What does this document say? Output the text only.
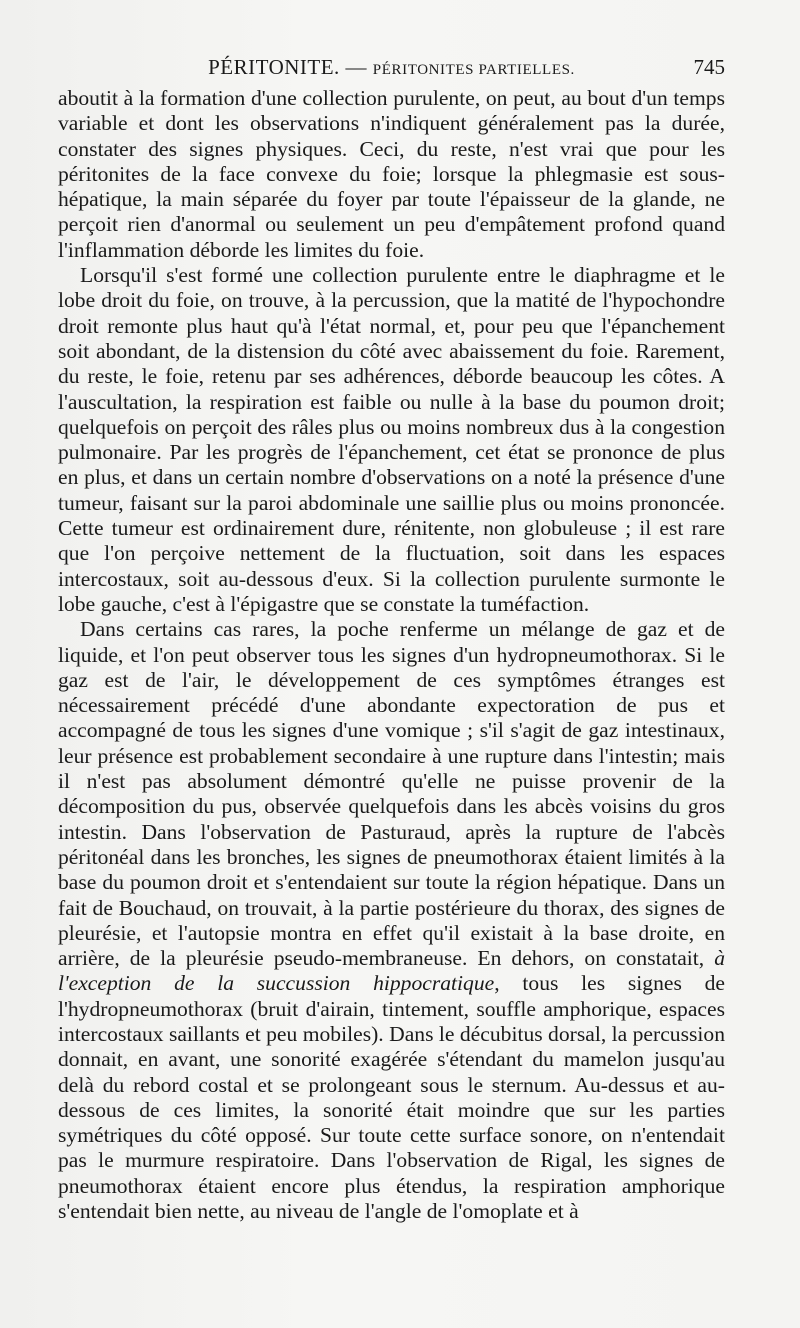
PÉRITONITE. — PÉRITONITES PARTIELLES.	745

aboutit à la formation d'une collection purulente, on peut, au bout d'un temps variable et dont les observations n'indiquent généralement pas la durée, constater des signes physiques. Ceci, du reste, n'est vrai que pour les péritonites de la face convexe du foie; lorsque la phlegmasie est sous-hépatique, la main séparée du foyer par toute l'épaisseur de la glande, ne perçoit rien d'anormal ou seulement un peu d'empâtement profond quand l'inflammation déborde les limites du foie.

Lorsqu'il s'est formé une collection purulente entre le diaphragme et le lobe droit du foie, on trouve, à la percussion, que la matité de l'hypochondre droit remonte plus haut qu'à l'état normal, et, pour peu que l'épanchement soit abondant, de la distension du côté avec abaissement du foie. Rarement, du reste, le foie, retenu par ses adhérences, déborde beaucoup les côtes. A l'auscultation, la respiration est faible ou nulle à la base du poumon droit; quelquefois on perçoit des râles plus ou moins nombreux dus à la congestion pulmonaire. Par les progrès de l'épanchement, cet état se prononce de plus en plus, et dans un certain nombre d'observations on a noté la présence d'une tumeur, faisant sur la paroi abdominale une saillie plus ou moins prononcée. Cette tumeur est ordinairement dure, rénitente, non globuleuse ; il est rare que l'on perçoive nettement de la fluctuation, soit dans les espaces intercostaux, soit au-dessous d'eux. Si la collection purulente surmonte le lobe gauche, c'est à l'épigastre que se constate la tuméfaction.

Dans certains cas rares, la poche renferme un mélange de gaz et de liquide, et l'on peut observer tous les signes d'un hydropneumothorax. Si le gaz est de l'air, le développement de ces symptômes étranges est nécessairement précédé d'une abondante expectoration de pus et accompagné de tous les signes d'une vomique ; s'il s'agit de gaz intestinaux, leur présence est probablement secondaire à une rupture dans l'intestin; mais il n'est pas absolument démontré qu'elle ne puisse provenir de la décomposition du pus, observée quelquefois dans les abcès voisins du gros intestin. Dans l'observation de Pasturaud, après la rupture de l'abcès péritonéal dans les bronches, les signes de pneumothorax étaient limités à la base du poumon droit et s'entendaient sur toute la région hépatique. Dans un fait de Bouchaud, on trouvait, à la partie postérieure du thorax, des signes de pleurésie, et l'autopsie montra en effet qu'il existait à la base droite, en arrière, de la pleurésie pseudo-membraneuse. En dehors, on constatait, à l'exception de la succussion hippocratique, tous les signes de l'hydropneumothorax (bruit d'airain, tintement, souffle amphorique, espaces intercostaux saillants et peu mobiles). Dans le décubitus dorsal, la percussion donnait, en avant, une sonorité exagérée s'étendant du mamelon jusqu'au delà du rebord costal et se prolongeant sous le sternum. Au-dessus et au-dessous de ces limites, la sonorité était moindre que sur les parties symétriques du côté opposé. Sur toute cette surface sonore, on n'entendait pas le murmure respiratoire. Dans l'observation de Rigal, les signes de pneumothorax étaient encore plus étendus, la respiration amphorique s'entendait bien nette, au niveau de l'angle de l'omoplate et à
